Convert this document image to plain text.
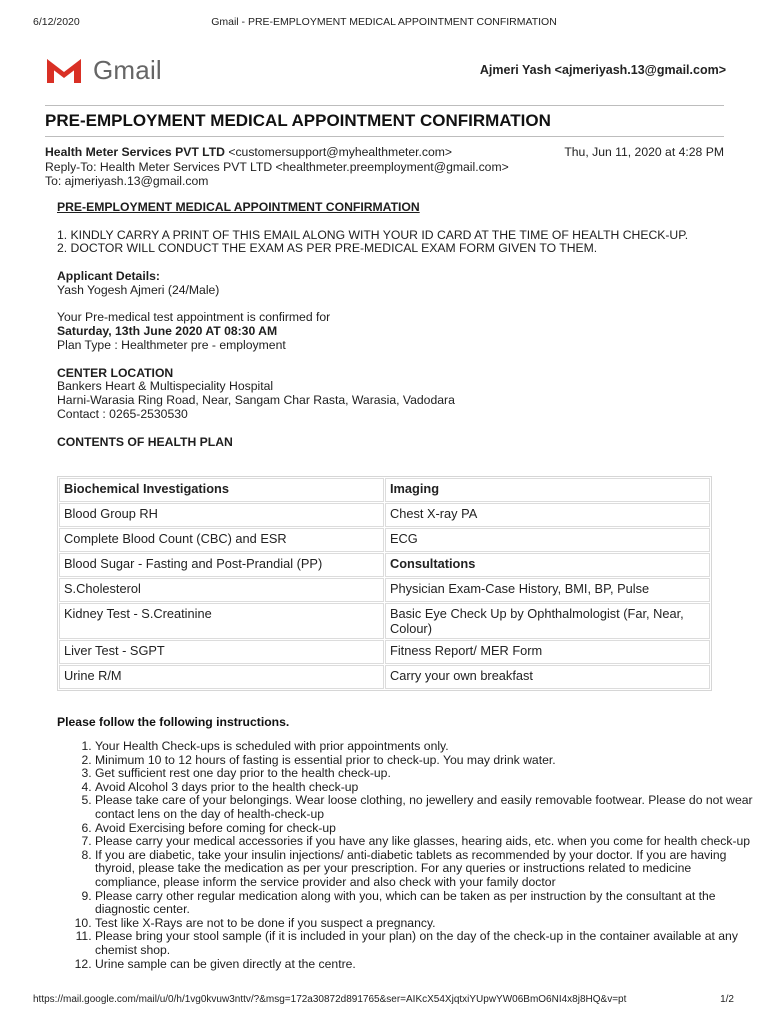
6/12/2020	Gmail - PRE-EMPLOYMENT MEDICAL APPOINTMENT CONFIRMATION
Gmail	Ajmeri Yash <ajmeriyash.13@gmail.com>
PRE-EMPLOYMENT MEDICAL APPOINTMENT CONFIRMATION
Health Meter Services PVT LTD <customersupport@myhealthmeter.com>
Reply-To: Health Meter Services PVT LTD <healthmeter.preemployment@gmail.com>
To: ajmeriyash.13@gmail.com
Thu, Jun 11, 2020 at 4:28 PM

PRE-EMPLOYMENT MEDICAL APPOINTMENT CONFIRMATION

1. KINDLY CARRY A PRINT OF THIS EMAIL ALONG WITH YOUR ID CARD AT THE TIME OF HEALTH CHECK-UP.

2. DOCTOR WILL CONDUCT THE EXAM AS PER PRE-MEDICAL EXAM FORM GIVEN TO THEM.

Applicant Details:

Yash Yogesh Ajmeri (24/Male)

Your Pre-medical test appointment is confirmed for

Saturday, 13th June 2020 AT 08:30 AM

Plan Type : Healthmeter pre - employment

CENTER LOCATION

Bankers Heart & Multispeciality Hospital

Harni-Warasia Ring Road, Near, Sangam Char Rasta, Warasia, Vadodara

Contact : 0265-2530530

CONTENTS OF HEALTH PLAN

Biochemical Investigations	Imaging
Blood Group RH	Chest X-ray PA
Complete Blood Count (CBC) and ESR	ECG
Blood Sugar - Fasting and Post-Prandial (PP)	Consultations
S.Cholesterol	Physician Exam-Case History, BMI, BP, Pulse
Kidney Test - S.Creatinine	Basic Eye Check Up by Ophthalmologist (Far, Near, Colour)
Liver Test - SGPT	Fitness Report/ MER Form
Urine R/M	Carry your own breakfast
Please follow the following instructions.
1. Your Health Check-ups is scheduled with prior appointments only.
2. Minimum 10 to 12 hours of fasting is essential prior to check-up. You may drink water.
3. Get sufficient rest one day prior to the health check-up.
4. Avoid Alcohol 3 days prior to the health check-up
5. Please take care of your belongings. Wear loose clothing, no jewellery and easily removable footwear. Please do not wear contact lens on the day of health-check-up
6. Avoid Exercising before coming for check-up
7. Please carry your medical accessories if you have any like glasses, hearing aids, etc. when you come for health check-up
8. If you are diabetic, take your insulin injections/ anti-diabetic tablets as recommended by your doctor. If you are having thyroid, please take the medication as per your prescription. For any queries or instructions related to medicine compliance, please inform the service provider and also check with your family doctor
9. Please carry other regular medication along with you, which can be taken as per instruction by the consultant at the diagnostic center.
10. Test like X-Rays are not to be done if you suspect a pregnancy.
11. Please bring your stool sample (if it is included in your plan) on the day of the check-up in the container available at any chemist shop.
12. Urine sample can be given directly at the centre.
https://mail.google.com/mail/u/0/h/1vg0kvuw3nttv/?&msg=172a30872d891765&ser=AIKcX54XjqtxiYUpwYW06BmO6NI4x8j8HQ&v=pt	1/2
